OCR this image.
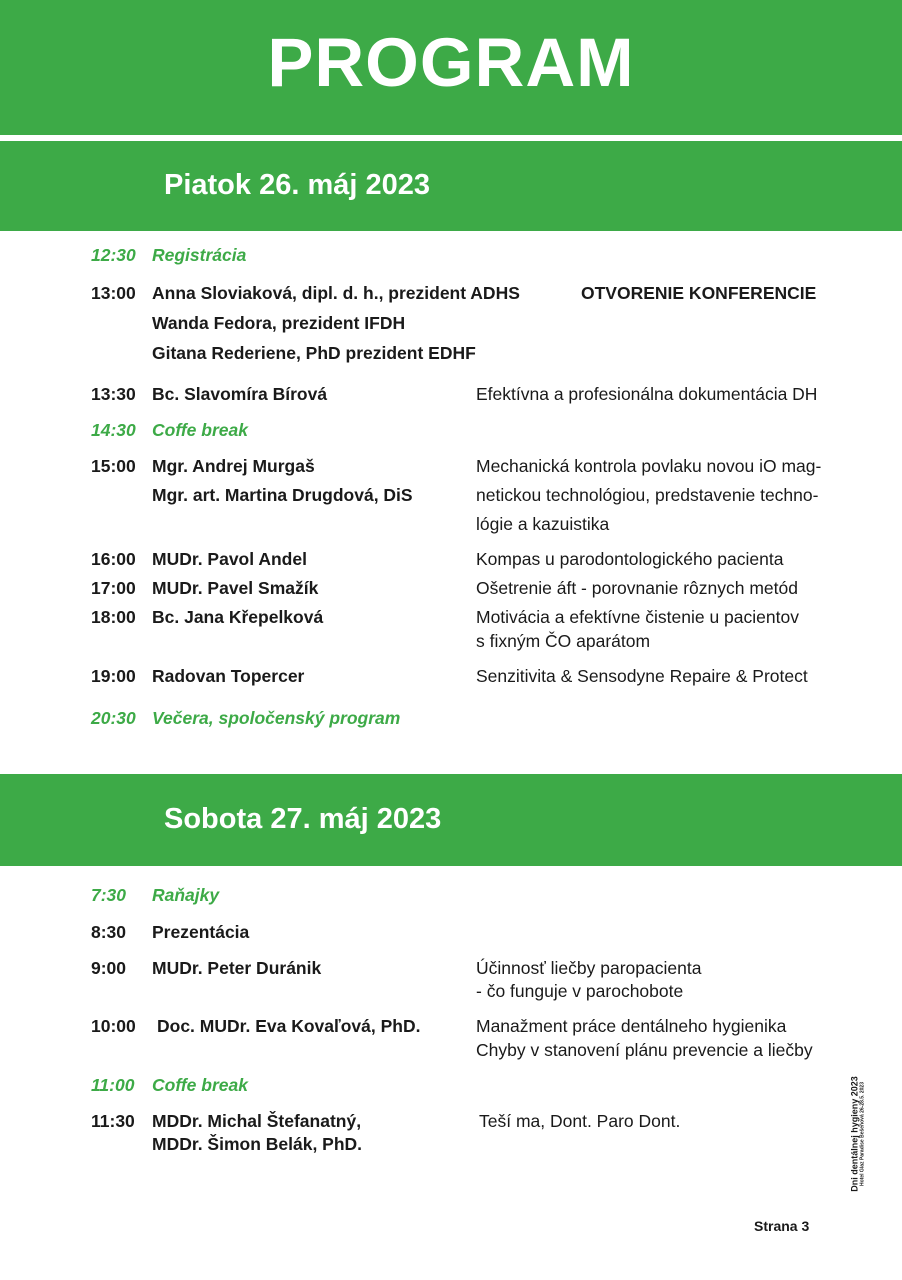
PROGRAM
Piatok 26. máj 2023
12:30 Registrácia
13:00 Anna Sloviaková, dipl. d. h., prezident ADHS	OTVORENIE KONFERENCIE
Wanda Fedora, prezident IFDH
Gitana Rederiene, PhD prezident EDHF
13:30 Bc. Slavomíra Bírová	Efektívna a profesionálna dokumentácia DH
14:30 Coffe break
15:00 Mgr. Andrej Murgaš	Mechanická kontrola povlaku novou iO mag-
Mgr. art. Martina Drugdová, DiS	netickou technológiou, predstavenie techno-
lógie a kazuistika
16:00 MUDr. Pavol Andel	Kompas u parodontologického pacienta
17:00 MUDr. Pavel Smažík	Ošetrenie áft - porovnanie rôznych metód
18:00 Bc. Jana Křepelková	Motivácia a efektívne čistenie u pacientov
s fixným ČO aparátom
19:00 Radovan Topercer	Senzitivita & Sensodyne Repaire & Protect
20:30 Večera, spoločenský program
Sobota 27. máj 2023
7:30 Raňajky
8:30 Prezentácia
9:00 MUDr. Peter Duránik	Účinnosť liečby paropacienta
- čo funguje v parochobote
10:00 Doc. MUDr. Eva Kovaľová, PhD.	Manažment práce dentálneho hygienika
Chyby v stanovení plánu prevencie a liečby
11:00 Coffe break
11:30 MDDr. Michal Štefanatný,	Teší ma, Dont. Paro Dont.
MDDr. Šimon Belák, PhD.	Dni dentálnej hygieny 2023 Hotel Glaz Paradise Bešeňová 26-28.5. 2023
Strana 3
